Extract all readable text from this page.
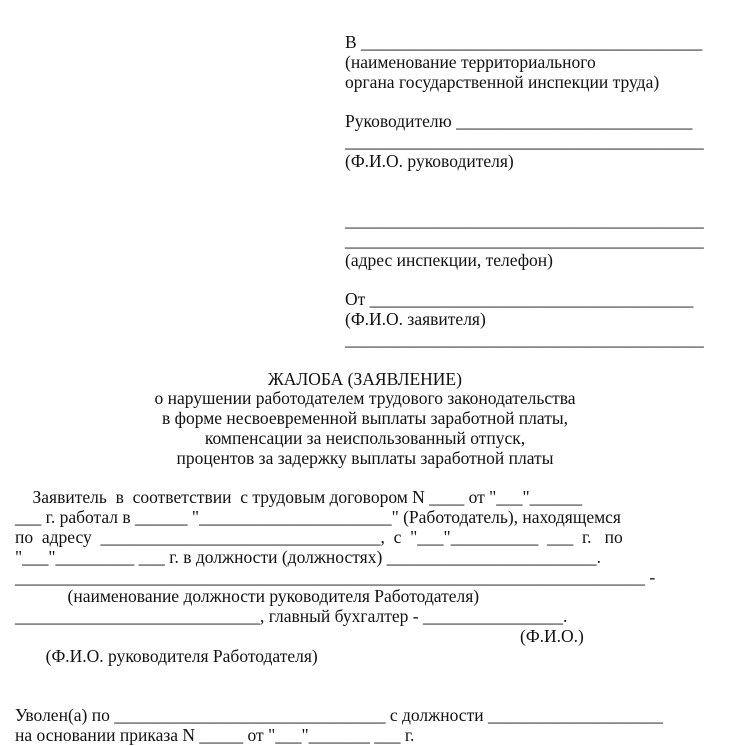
В _______________________________________
(наименование территориального
органа государственной инспекции труда)
Руководителю ___________________________
_________________________________________
(Ф.И.О. руководителя)
_________________________________________
_________________________________________
(адрес инспекции, телефон)
От _____________________________________
(Ф.И.О. заявителя)
_________________________________________
ЖАЛОБА (ЗАЯВЛЕНИЕ)
о нарушении работодателем трудового законодательства
в форме несвоевременной выплаты заработной платы,
компенсации за неиспользованный отпуск,
процентов за задержку выплаты заработной платы
Заявитель  в  соответствии  с трудовым договором N ____ от "___"______
___ г. работал в ______ "______________________" (Работодатель), находящемся
по  адресу  ________________________________,  с  "___"__________  ___  г.   по
"___"_________ ___ г. в должности (должностях) ________________________.
________________________________________________________________________ -
(наименование должности руководителя Работодателя)
____________________________, главный бухгалтер - ________________.

(Ф.И.О. руководителя Работодателя)

(Ф.И.О.)

Уволен(а) по _______________________________ с должности ____________________
на основании приказа N _____ от "___"_______ ___ г.
